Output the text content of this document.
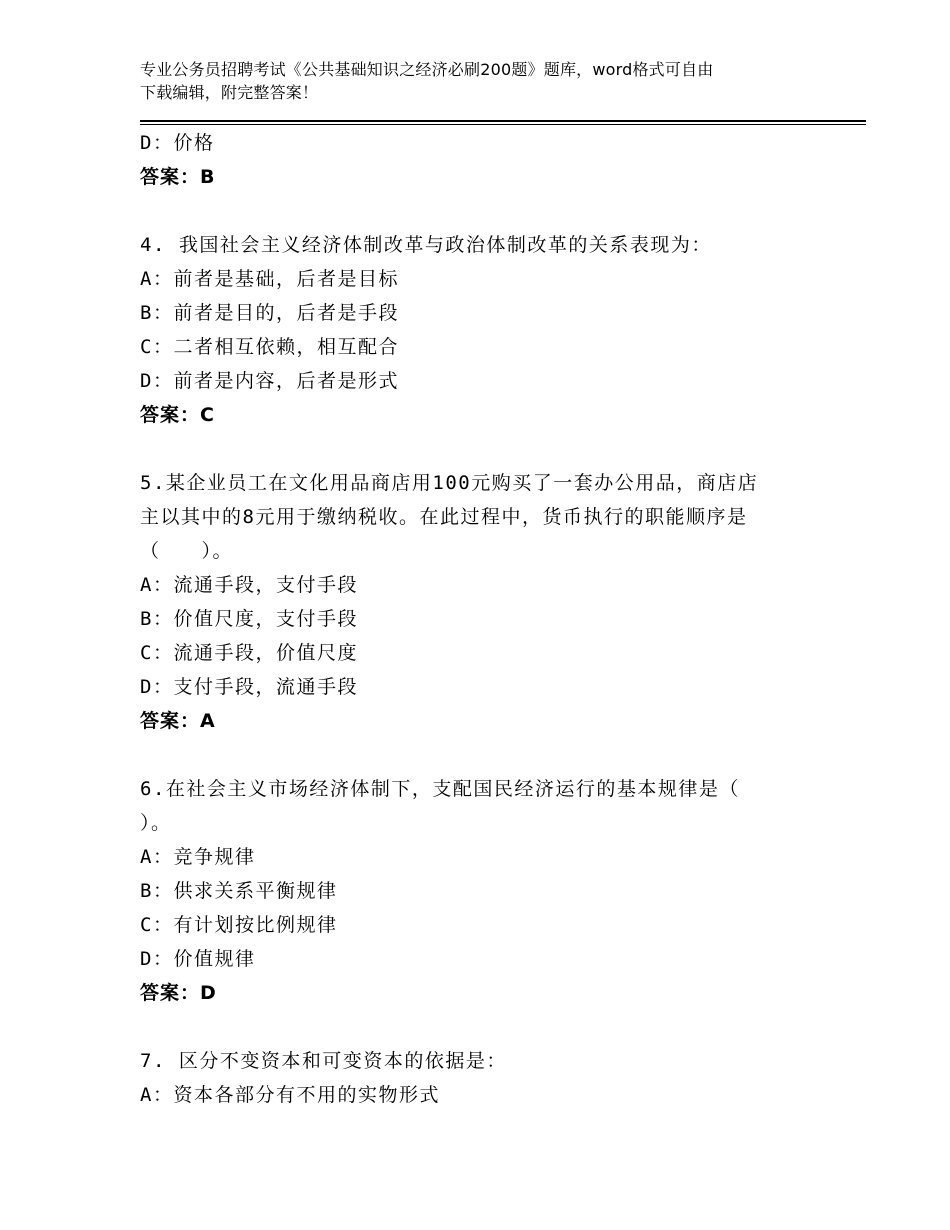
专业公务员招聘考试《公共基础知识之经济必刷200题》题库，word格式可自由
下载编辑，附完整答案！
D：价格
答案：B
4. 我国社会主义经济体制改革与政治体制改革的关系表现为：
A：前者是基础，后者是目标
B：前者是目的，后者是手段
C：二者相互依赖，相互配合
D：前者是内容，后者是形式
答案：C
5.某企业员工在文化用品商店用100元购买了一套办公用品，商店店
主以其中的8元用于缴纳税收。在此过程中，货币执行的职能顺序是
（　　）。
A：流通手段，支付手段
B：价值尺度，支付手段
C：流通手段，价值尺度
D：支付手段，流通手段
答案：A
6.在社会主义市场经济体制下，支配国民经济运行的基本规律是（
）。
A：竞争规律
B：供求关系平衡规律
C：有计划按比例规律
D：价值规律
答案：D
7. 区分不变资本和可变资本的依据是：
A：资本各部分有不用的实物形式
